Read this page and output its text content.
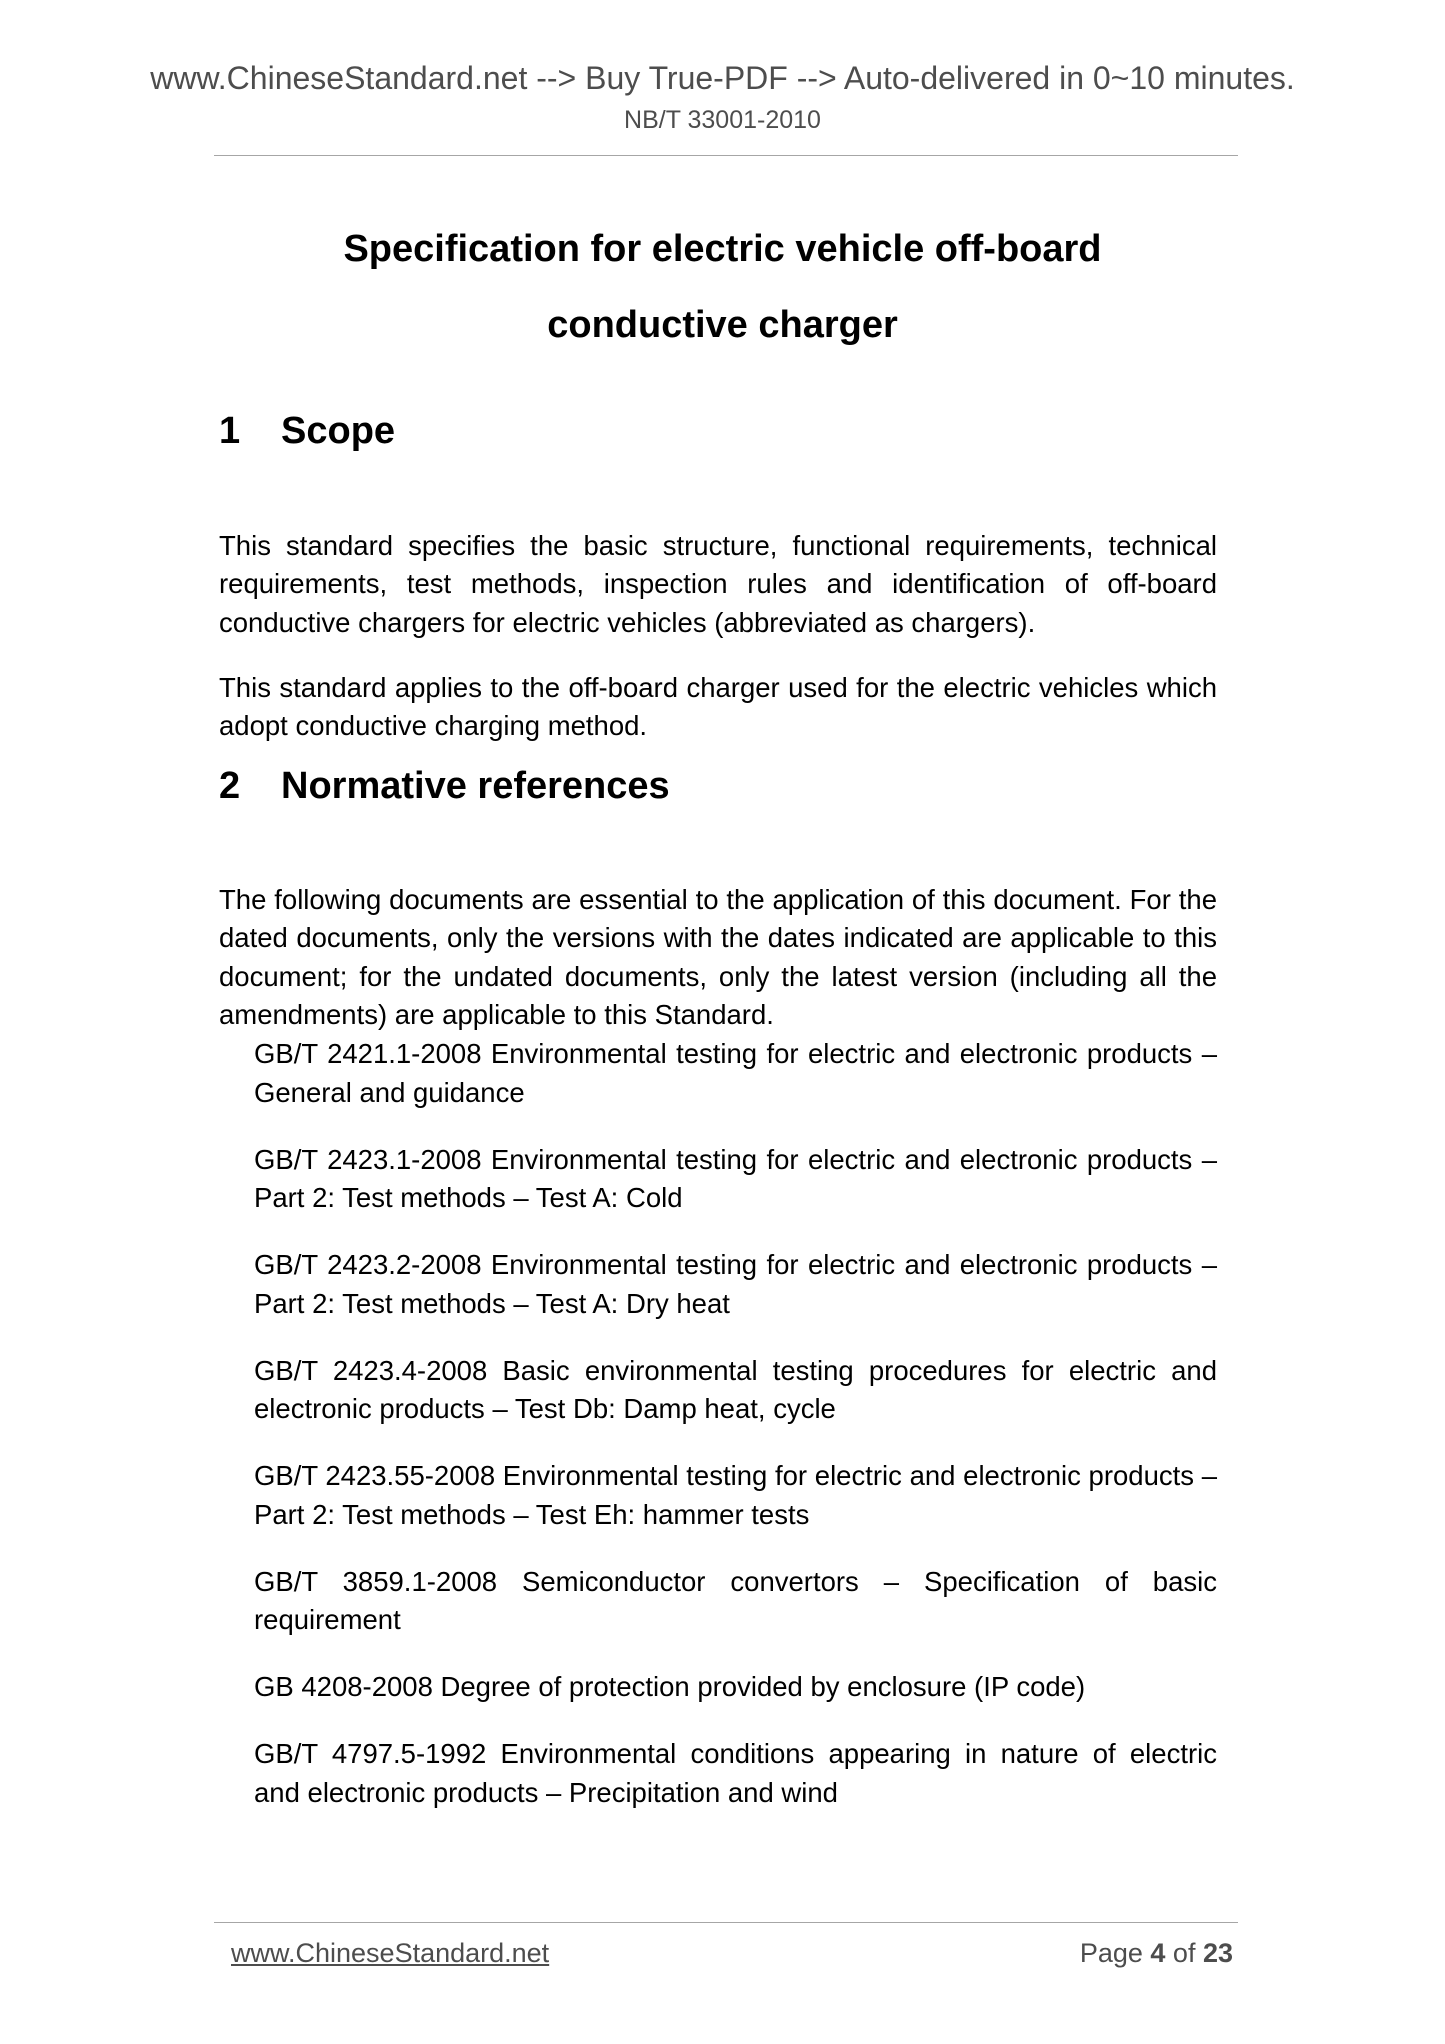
www.ChineseStandard.net --> Buy True-PDF --> Auto-delivered in 0~10 minutes.
NB/T 33001-2010
Specification for electric vehicle off-board
conductive charger
1	Scope

This standard specifies the basic structure, functional requirements, technical requirements, test methods, inspection rules and identification of off-board conductive chargers for electric vehicles (abbreviated as chargers).

This standard applies to the off-board charger used for the electric vehicles which adopt conductive charging method.

2	Normative references

The following documents are essential to the application of this document. For the dated documents, only the versions with the dates indicated are applicable to this document; for the undated documents, only the latest version (including all the amendments) are applicable to this Standard.

GB/T 2421.1-2008 Environmental testing for electric and electronic products – General and guidance
GB/T 2423.1-2008 Environmental testing for electric and electronic products – Part 2: Test methods – Test A: Cold
GB/T 2423.2-2008 Environmental testing for electric and electronic products – Part 2: Test methods – Test A: Dry heat
GB/T 2423.4-2008 Basic environmental testing procedures for electric and electronic products – Test Db: Damp heat, cycle
GB/T 2423.55-2008 Environmental testing for electric and electronic products – Part 2: Test methods – Test Eh: hammer tests
GB/T 3859.1-2008 Semiconductor convertors – Specification of basic requirement
GB 4208-2008 Degree of protection provided by enclosure (IP code)
GB/T 4797.5-1992 Environmental conditions appearing in nature of electric and electronic products – Precipitation and wind
www.ChineseStandard.net	Page 4 of 23
